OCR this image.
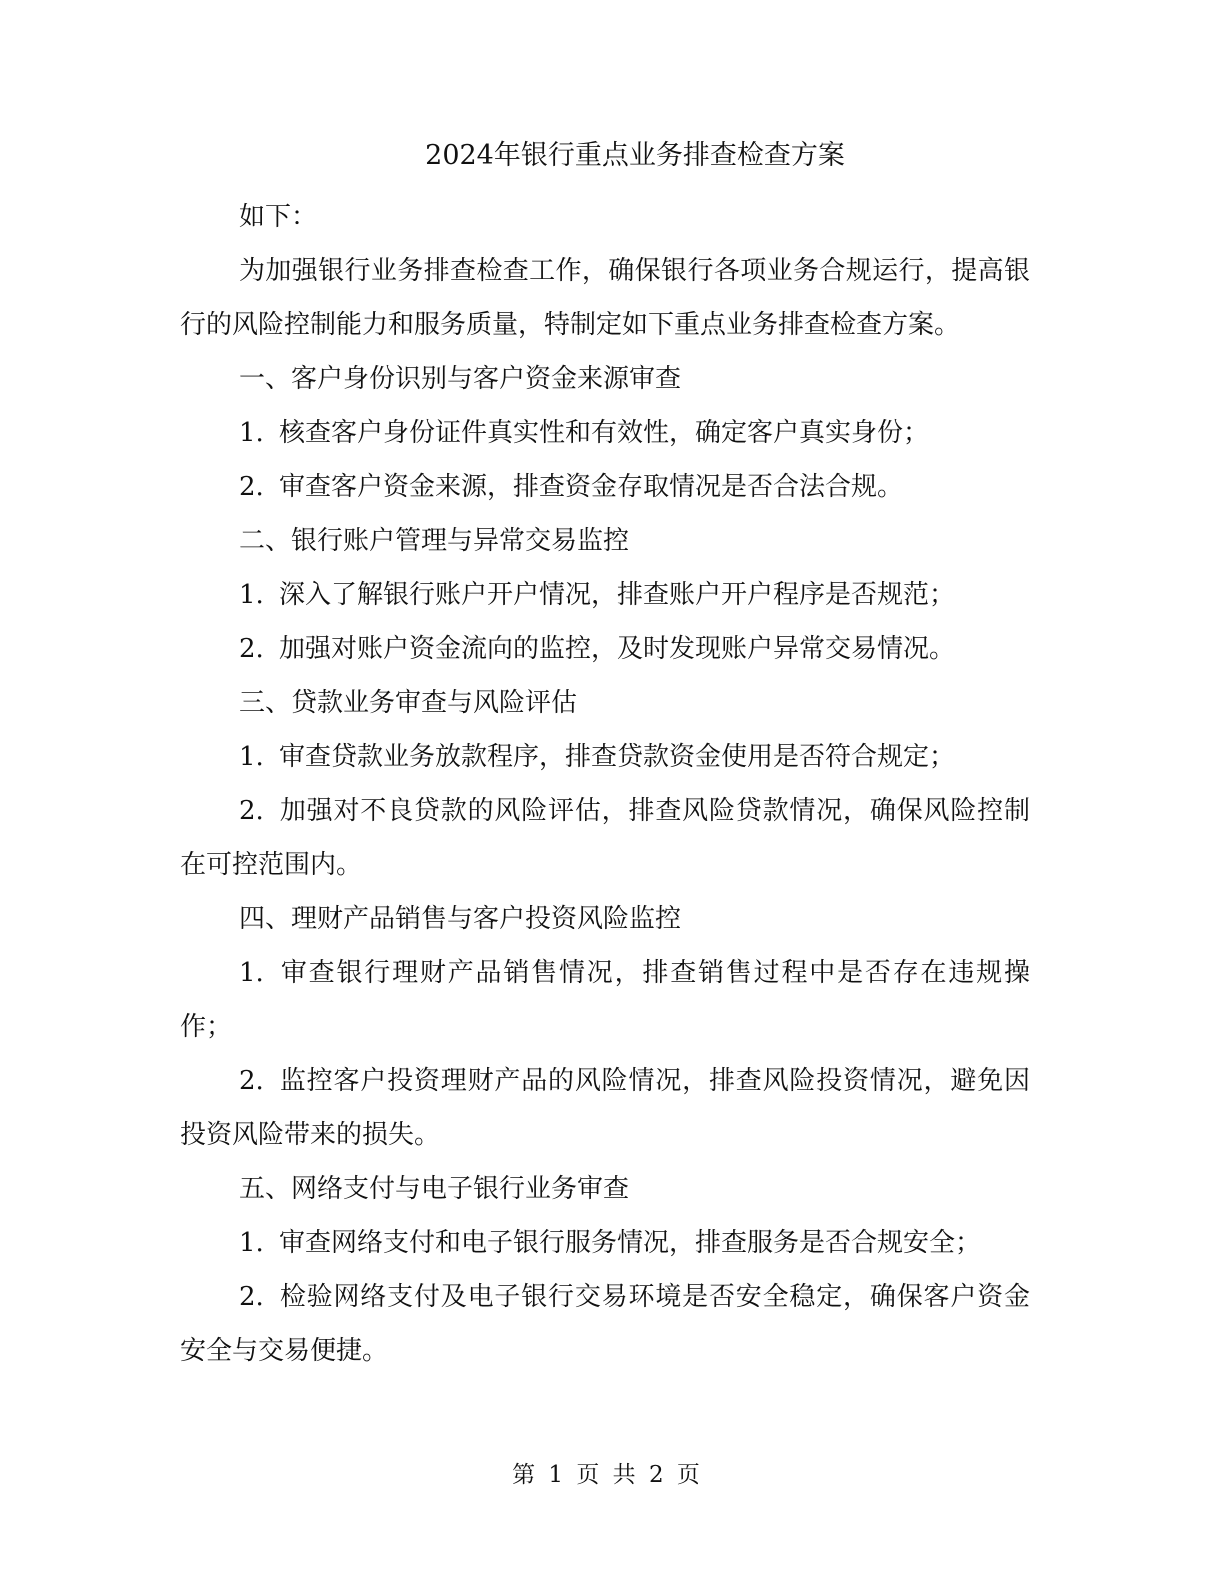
2024年银行重点业务排查检查方案

如下：

为加强银行业务排查检查工作，确保银行各项业务合规运行，提高银行的风险控制能力和服务质量，特制定如下重点业务排查检查方案。

一、客户身份识别与客户资金来源审查

1. 核查客户身份证件真实性和有效性，确定客户真实身份；

2. 审查客户资金来源，排查资金存取情况是否合法合规。

二、银行账户管理与异常交易监控

1. 深入了解银行账户开户情况，排查账户开户程序是否规范；

2. 加强对账户资金流向的监控，及时发现账户异常交易情况。

三、贷款业务审查与风险评估

1. 审查贷款业务放款程序，排查贷款资金使用是否符合规定；

2. 加强对不良贷款的风险评估，排查风险贷款情况，确保风险控制在可控范围内。

四、理财产品销售与客户投资风险监控

1. 审查银行理财产品销售情况，排查销售过程中是否存在违规操作；

2. 监控客户投资理财产品的风险情况，排查风险投资情况，避免因投资风险带来的损失。

五、网络支付与电子银行业务审查

1. 审查网络支付和电子银行服务情况，排查服务是否合规安全；

2. 检验网络支付及电子银行交易环境是否安全稳定，确保客户资金安全与交易便捷。

第 1 页 共 2 页
